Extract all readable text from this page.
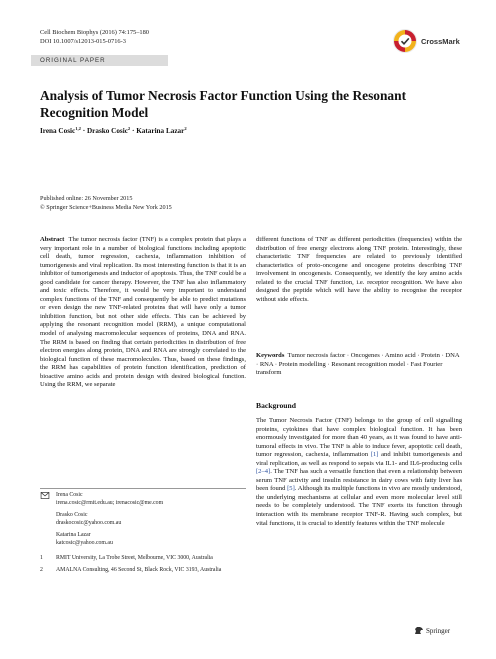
Cell Biochem Biophys (2016) 74:175–180
DOI 10.1007/s12013-015-0716-3	CrossMark
ORIGINAL PAPER
Analysis of Tumor Necrosis Factor Function Using the Resonant Recognition Model
Irena Cosic$^{1,2}$ · Drasko Cosic$^2$ · Katarina Lazar$^2$
Published online: 26 November 2015
© Springer Science+Business Media New York 2015
Abstract The tumor necrosis factor (TNF) is a complex protein that plays a very important role in a number of biological functions including apoptotic cell death, tumor regression, cachexia, inflammation inhibition of tumorigenesis and viral replication. Its most interesting function is that it is an inhibitor of tumorigenesis and inductor of apoptosis. Thus, the TNF could be a good candidate for cancer therapy. However, the TNF has also inflammatory and toxic effects. Therefore, it would be very important to understand complex functions of the TNF and consequently be able to predict mutations or even design the new TNF-related proteins that will have only a tumor inhibition function, but not other side effects. This can be achieved by applying the resonant recognition model (RRM), a unique computational model of analysing macromolecular sequences of proteins, DNA and RNA. The RRM is based on finding that certain periodicities in distribution of free electron energies along protein, DNA and RNA are strongly correlated to the biological function of these macromolecules. Thus, based on these findings, the RRM has capabilities of protein function identification, prediction of bioactive amino acids and protein design with desired biological function. Using the RRM, we separate
different functions of TNF as different periodicities (frequencies) within the distribution of free energy electrons along TNF protein. Interestingly, these characteristic TNF frequencies are related to previously identified characteristics of proto-oncogene and oncogene proteins describing TNF involvement in oncogenesis. Consequently, we identify the key amino acids related to the crucial TNF function, i.e. receptor recognition. We have also designed the peptide which will have the ability to recognise the receptor without side effects.
Keywords Tumor necrosis factor · Oncogenes · Amino acid · Protein · DNA · RNA · Protein modelling · Resonant recognition model · Fast Fourier transform
Background
The Tumor Necrosis Factor (TNF) belongs to the group of cell signalling proteins, cytokines that have complex biological function. It has been enormously investigated for more than 40 years, as it was found to have anti-tumoral effects in vivo. The TNF is able to induce fever, apoptotic cell death, tumor regression, cachexia, inflammation [1] and inhibit tumorigenesis and viral replication, as well as respond to sepsis via IL1- and IL6-producing cells [2–4]. The TNF has such a versatile function that even a relationship between serum TNF activity and insulin resistance in dairy cows with fatty liver has been found [5]. Although its multiple functions in vivo are mostly understood, the underlying mechanisms at cellular and even more molecular level still needs to be completely understood. The TNF exerts its function through interaction with its membrane receptor TNF-R. Having such complex, but vital functions, it is crucial to identify features within the TNF molecule
Irena Cosic
irena.cosic@rmit.edu.au; irenacosic@me.com
Drasko Cosic
draskocosic@yahoo.com.au
Katarina Lazar
katcosic@yahoo.com.au
1	RMIT University, La Trobe Street, Melbourne, VIC 3000, Australia
2	AMALNA Consulting, 46 Second St, Black Rock, VIC 3193, Australia
Springer
